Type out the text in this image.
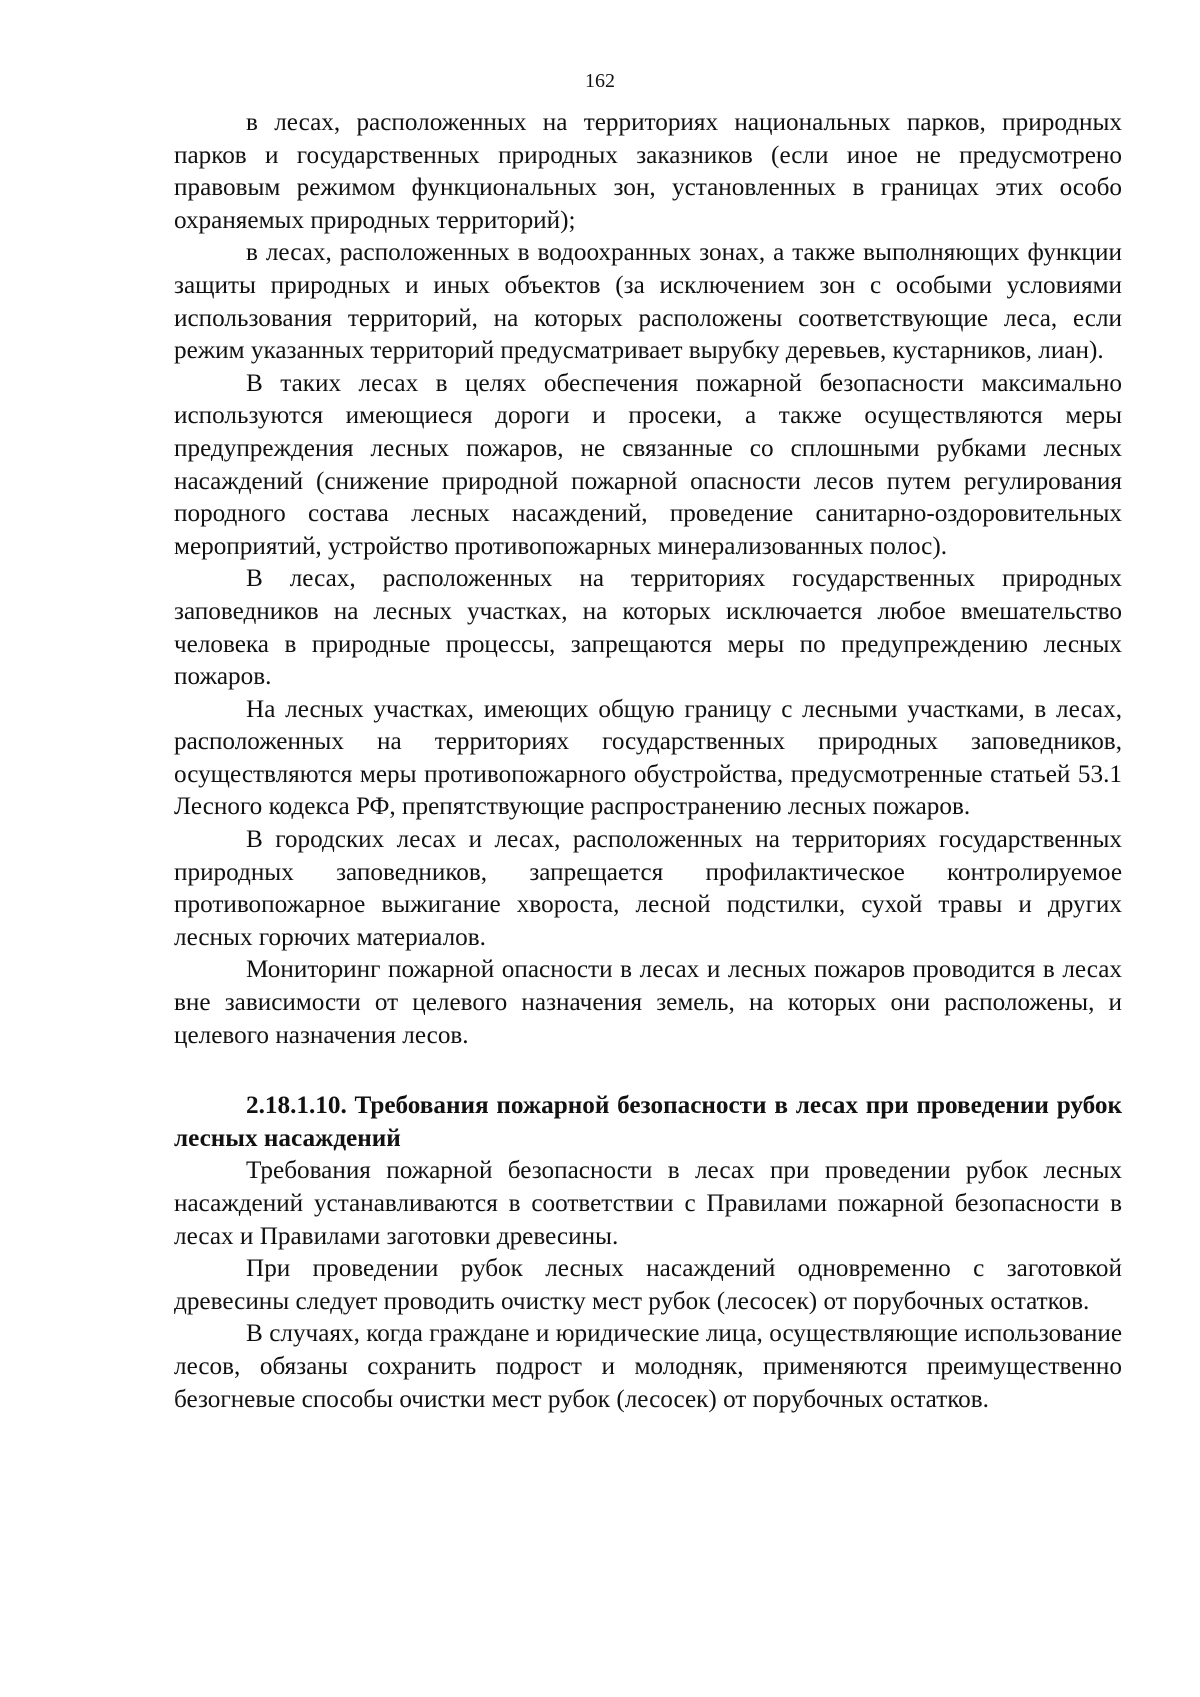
162

в лесах, расположенных на территориях национальных парков, природных парков и государственных природных заказников (если иное не предусмотрено правовым режимом функциональных зон, установленных в границах этих особо охраняемых природных территорий);

в лесах, расположенных в водоохранных зонах, а также выполняющих функции защиты природных и иных объектов (за исключением зон с особыми условиями использования территорий, на которых расположены соответствующие леса, если режим указанных территорий предусматривает вырубку деревьев, кустарников, лиан).

В таких лесах в целях обеспечения пожарной безопасности максимально используются имеющиеся дороги и просеки, а также осуществляются меры предупреждения лесных пожаров, не связанные со сплошными рубками лесных насаждений (снижение природной пожарной опасности лесов путем регулирования породного состава лесных насаждений, проведение санитарно-оздоровительных мероприятий, устройство противопожарных минерализованных полос).

В лесах, расположенных на территориях государственных природных заповедников на лесных участках, на которых исключается любое вмешательство человека в природные процессы, запрещаются меры по предупреждению лесных пожаров.

На лесных участках, имеющих общую границу с лесными участками, в лесах, расположенных на территориях государственных природных заповедников, осуществляются меры противопожарного обустройства, предусмотренные статьей 53.1 Лесного кодекса РФ, препятствующие распространению лесных пожаров.

В городских лесах и лесах, расположенных на территориях государственных природных заповедников, запрещается профилактическое контролируемое противопожарное выжигание хвороста, лесной подстилки, сухой травы и других лесных горючих материалов.

Мониторинг пожарной опасности в лесах и лесных пожаров проводится в лесах вне зависимости от целевого назначения земель, на которых они расположены, и целевого назначения лесов.

2.18.1.10. Требования пожарной безопасности в лесах при проведении рубок лесных насаждений

Требования пожарной безопасности в лесах при проведении рубок лесных насаждений устанавливаются в соответствии с Правилами пожарной безопасности в лесах и Правилами заготовки древесины.

При проведении рубок лесных насаждений одновременно с заготовкой древесины следует проводить очистку мест рубок (лесосек) от порубочных остатков.

В случаях, когда граждане и юридические лица, осуществляющие использование лесов, обязаны сохранить подрост и молодняк, применяются преимущественно безогневые способы очистки мест рубок (лесосек) от порубочных остатков.
